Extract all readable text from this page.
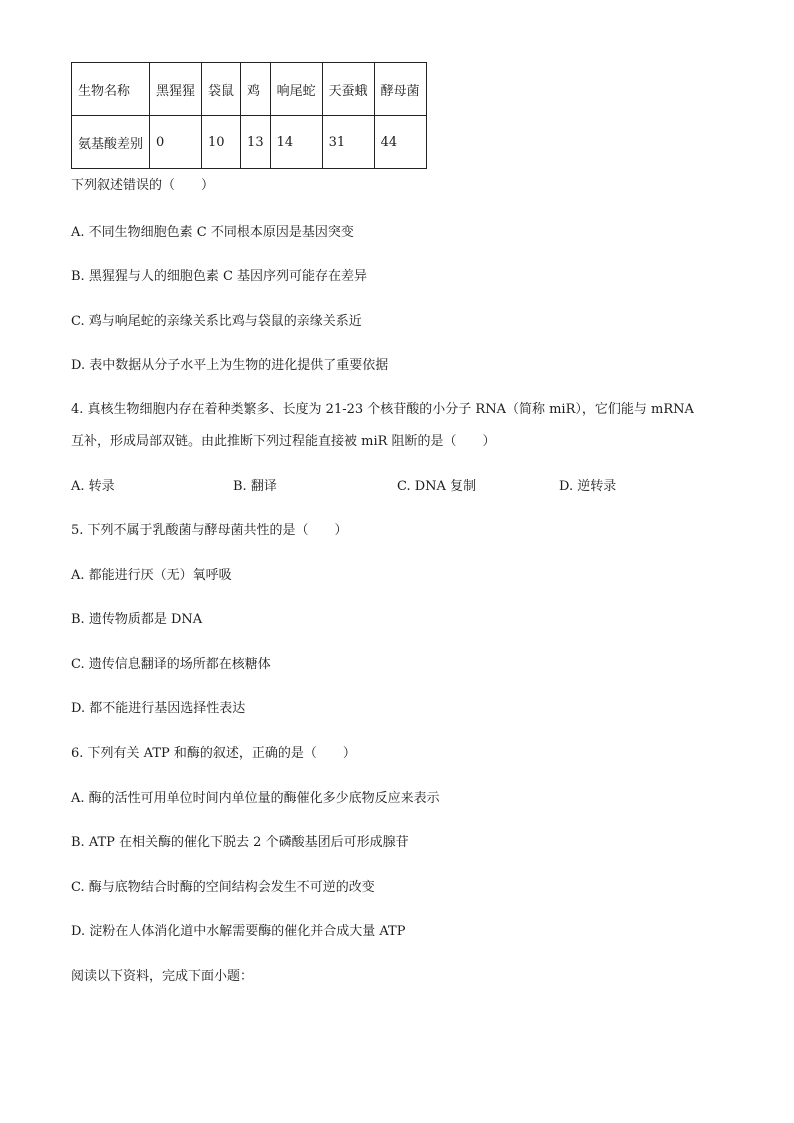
生物名称	黑猩猩	袋鼠	鸡	响尾蛇	天蚕蛾	酵母菌
氨基酸差别	0	10	13	14	31	44
下列叙述错误的（　　）
A. 不同生物细胞色素 C 不同根本原因是基因突变
B. 黑猩猩与人的细胞色素 C 基因序列可能存在差异
C. 鸡与响尾蛇的亲缘关系比鸡与袋鼠的亲缘关系近
D. 表中数据从分子水平上为生物的进化提供了重要依据
4. 真核生物细胞内存在着种类繁多、长度为 21-23 个核苷酸的小分子 RNA（简称 miR），它们能与 mRNA
互补，形成局部双链。由此推断下列过程能直接被 miR 阻断的是（　　）
A. 转录	B. 翻译	C. DNA 复制	D. 逆转录
5. 下列不属于乳酸菌与酵母菌共性的是（　　）
A. 都能进行厌（无）氧呼吸
B. 遗传物质都是 DNA
C. 遗传信息翻译的场所都在核糖体
D. 都不能进行基因选择性表达
6. 下列有关 ATP 和酶的叙述，正确的是（　　）
A. 酶的活性可用单位时间内单位量的酶催化多少底物反应来表示
B. ATP 在相关酶的催化下脱去 2 个磷酸基团后可形成腺苷
C. 酶与底物结合时酶的空间结构会发生不可逆的改变
D. 淀粉在人体消化道中水解需要酶的催化并合成大量 ATP
阅读以下资料，完成下面小题：
